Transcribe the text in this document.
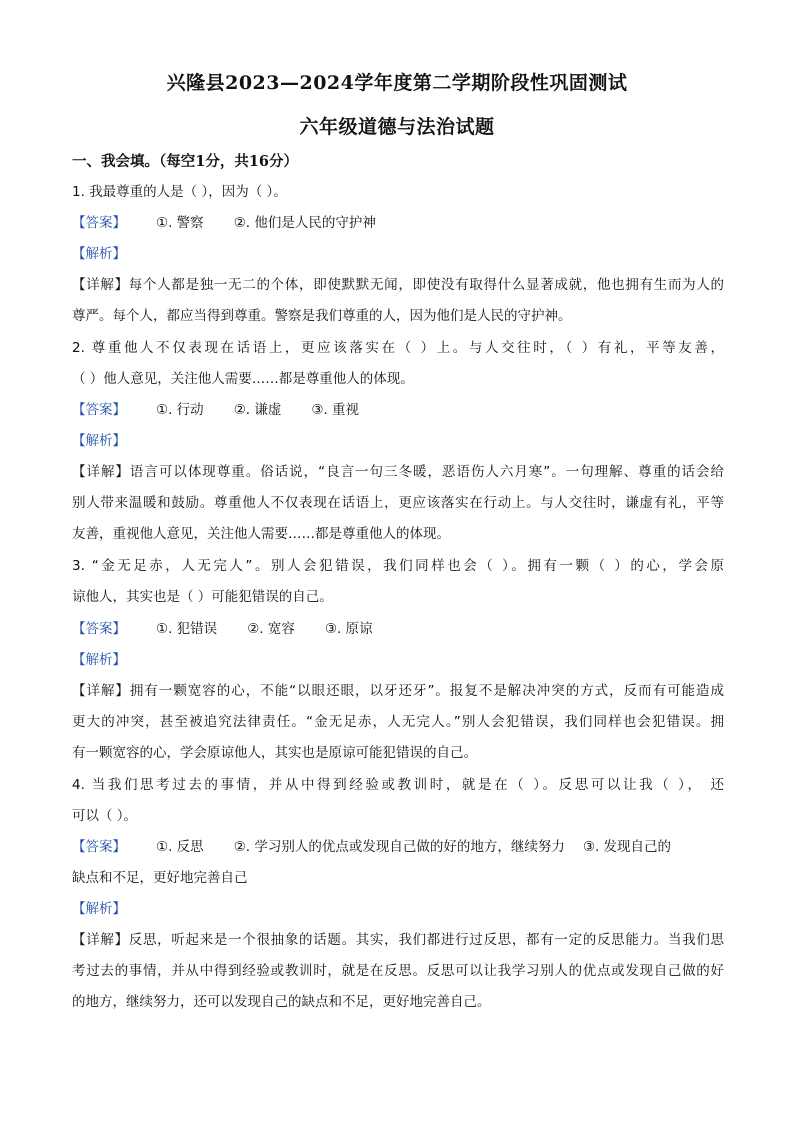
兴隆县2023—2024学年度第二学期阶段性巩固测试
六年级道德与法治试题
一、我会填。（每空1分，共16分）
1. 我最尊重的人是（ ），因为（ ）。
【答案】 ①. 警察 ②. 他们是人民的守护神
【解析】
【详解】每个人都是独一无二的个体，即使默默无闻，即使没有取得什么显著成就，他也拥有生而为人的
尊严。每个人，都应当得到尊重。警察是我们尊重的人，因为他们是人民的守护神。
2. 尊重他人不仅表现在话语上，更应该落实在（ ）上。与人交往时，（ ）有礼，平等友善，
（ ）他人意见，关注他人需要……都是尊重他人的体现。
【答案】 ①. 行动 ②. 谦虚 ③. 重视
【解析】
【详解】语言可以体现尊重。俗话说，“良言一句三冬暖，恶语伤人六月寒”。一句理解、尊重的话会给
别人带来温暖和鼓励。尊重他人不仅表现在话语上，更应该落实在行动上。与人交往时，谦虚有礼，平等
友善，重视他人意见，关注他人需要……都是尊重他人的体现。
3. “金无足赤，人无完人”。别人会犯错误，我们同样也会（ ）。拥有一颗（ ）的心，学会原
谅他人，其实也是（ ）可能犯错误的自己。
【答案】 ①. 犯错误 ②. 宽容 ③. 原谅
【解析】
【详解】拥有一颗宽容的心，不能“以眼还眼，以牙还牙”。报复不是解决冲突的方式，反而有可能造成
更大的冲突，甚至被追究法律责任。“金无足赤，人无完人。”别人会犯错误，我们同样也会犯错误。拥
有一颗宽容的心，学会原谅他人，其实也是原谅可能犯错误的自己。
4. 当我们思考过去的事情，并从中得到经验或教训时，就是在（ ）。反思可以让我（ ）， 还
可以（ ）。
【答案】 ①. 反思 ②. 学习别人的优点或发现自己做的好的地方，继续努力 ③. 发现自己的
缺点和不足，更好地完善自己
【解析】
【详解】反思，听起来是一个很抽象的话题。其实，我们都进行过反思，都有一定的反思能力。当我们思
考过去的事情，并从中得到经验或教训时，就是在反思。反思可以让我学习别人的优点或发现自己做的好
的地方，继续努力，还可以发现自己的缺点和不足，更好地完善自己。
